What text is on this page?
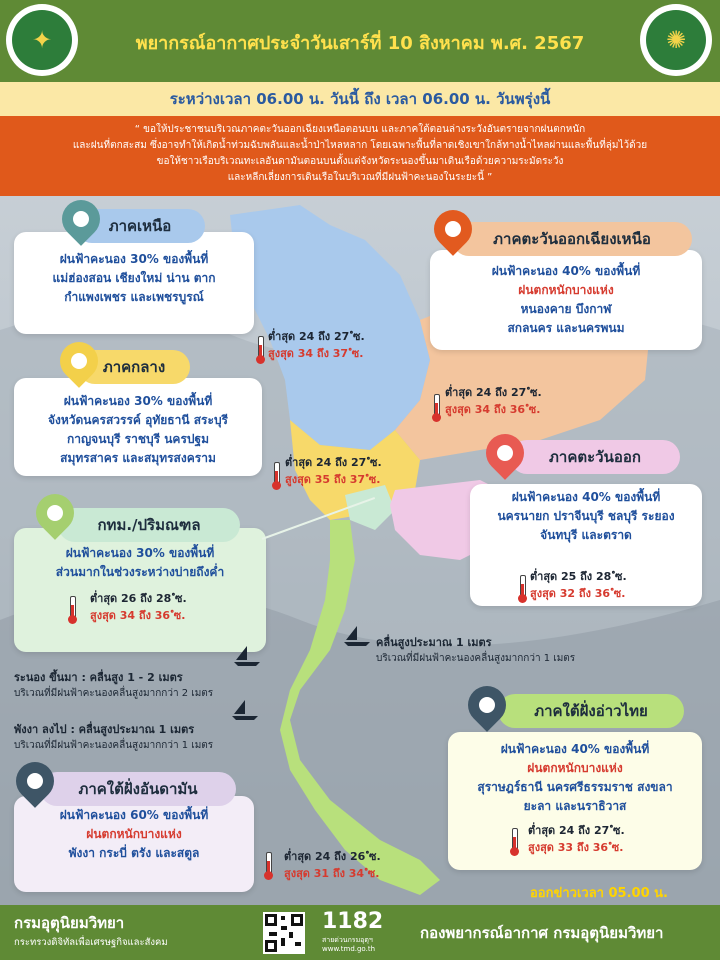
✦	พยากรณ์อากาศประจำวันเสาร์ที่ 10 สิงหาคม พ.ศ. 2567	✺
ระหว่างเวลา 06.00 น. วันนี้ ถึง เวลา 06.00 น. วันพรุ่งนี้
“ ขอให้ประชาชนบริเวณภาคตะวันออกเฉียงเหนือตอนบน และภาคใต้ตอนล่างระวังอันตรายจากฝนตกหนัก
และฝนที่ตกสะสม ซึ่งอาจทำให้เกิดน้ำท่วมฉับพลันและน้ำป่าไหลหลาก โดยเฉพาะพื้นที่ลาดเชิงเขาใกล้ทางน้ำไหลผ่านและพื้นที่ลุ่มไว้ด้วย
ขอให้ชาวเรือบริเวณทะเลอันดามันตอนบนตั้งแต่จังหวัดระนองขึ้นมาเดินเรือด้วยความระมัดระวัง
และหลีกเลี่ยงการเดินเรือในบริเวณที่มีฝนฟ้าคะนองในระยะนี้ ”
ฝนฟ้าคะนอง 30% ของพื้นที่
แม่ฮ่องสอน เชียงใหม่ น่าน ตาก
กำแพงเพชร และเพชรบูรณ์
ภาคเหนือ
ต่ำสุด 24 ถึง 27 ํซ.
สูงสุด 34 ถึง 37 ํซ.
ฝนฟ้าคะนอง 40% ของพื้นที่
ฝนตกหนักบางแห่ง
หนองคาย บึงกาฬ
สกลนคร และนครพนม
ภาคตะวันออกเฉียงเหนือ
ต่ำสุด 24 ถึง 27 ํซ.
สูงสุด 34 ถึง 36 ํซ.
ฝนฟ้าคะนอง 30% ของพื้นที่
จังหวัดนครสวรรค์ อุทัยธานี สระบุรี
กาญจนบุรี ราชบุรี นครปฐม
สมุทรสาคร และสมุทรสงคราม
ภาคกลาง
ต่ำสุด 24 ถึง 27 ํซ.
สูงสุด 35 ถึง 37 ํซ.
ฝนฟ้าคะนอง 40% ของพื้นที่
นครนายก ปราจีนบุรี ชลบุรี ระยอง
จันทบุรี และตราด
ภาคตะวันออก
ต่ำสุด 25 ถึง 28 ํซ.
สูงสุด 32 ถึง 36 ํซ.
ฝนฟ้าคะนอง 30% ของพื้นที่
ส่วนมากในช่วงระหว่างบ่ายถึงค่ำ
กทม./ปริมณฑล
ต่ำสุด 26 ถึง 28 ํซ.
สูงสุด 34 ถึง 36 ํซ.
คลื่นสูงประมาณ 1 เมตร
บริเวณที่มีฝนฟ้าคะนองคลื่นสูงมากกว่า 1 เมตร
ระนอง ขึ้นมา : คลื่นสูง 1 - 2 เมตร
บริเวณที่มีฝนฟ้าคะนองคลื่นสูงมากกว่า 2 เมตร
พังงา ลงไป : คลื่นสูงประมาณ 1 เมตร
บริเวณที่มีฝนฟ้าคะนองคลื่นสูงมากกว่า 1 เมตร	ฝนฟ้าคะนอง 40% ของพื้นที่
ฝนตกหนักบางแห่ง
สุราษฎร์ธานี นครศรีธรรมราช สงขลา
ยะลา และนราธิวาส
ภาคใต้ฝั่งอ่าวไทย
ต่ำสุด 24 ถึง 27 ํซ.
สูงสุด 33 ถึง 36 ํซ.
ฝนฟ้าคะนอง 60% ของพื้นที่
ฝนตกหนักบางแห่ง
พังงา กระบี่ ตรัง และสตูล
ภาคใต้ฝั่งอันดามัน
ต่ำสุด 24 ถึง 26 ํซ.
สูงสุด 31 ถึง 34 ํซ.
ออกข่าวเวลา 05.00 น.
กรมอุตุนิยมวิทยา
กระทรวงดิจิทัลเพื่อเศรษฐกิจและสังคม
1182
สายด่วนกรมอุตุฯ
www.tmd.go.th
กองพยากรณ์อากาศ กรมอุตุนิยมวิทยา
